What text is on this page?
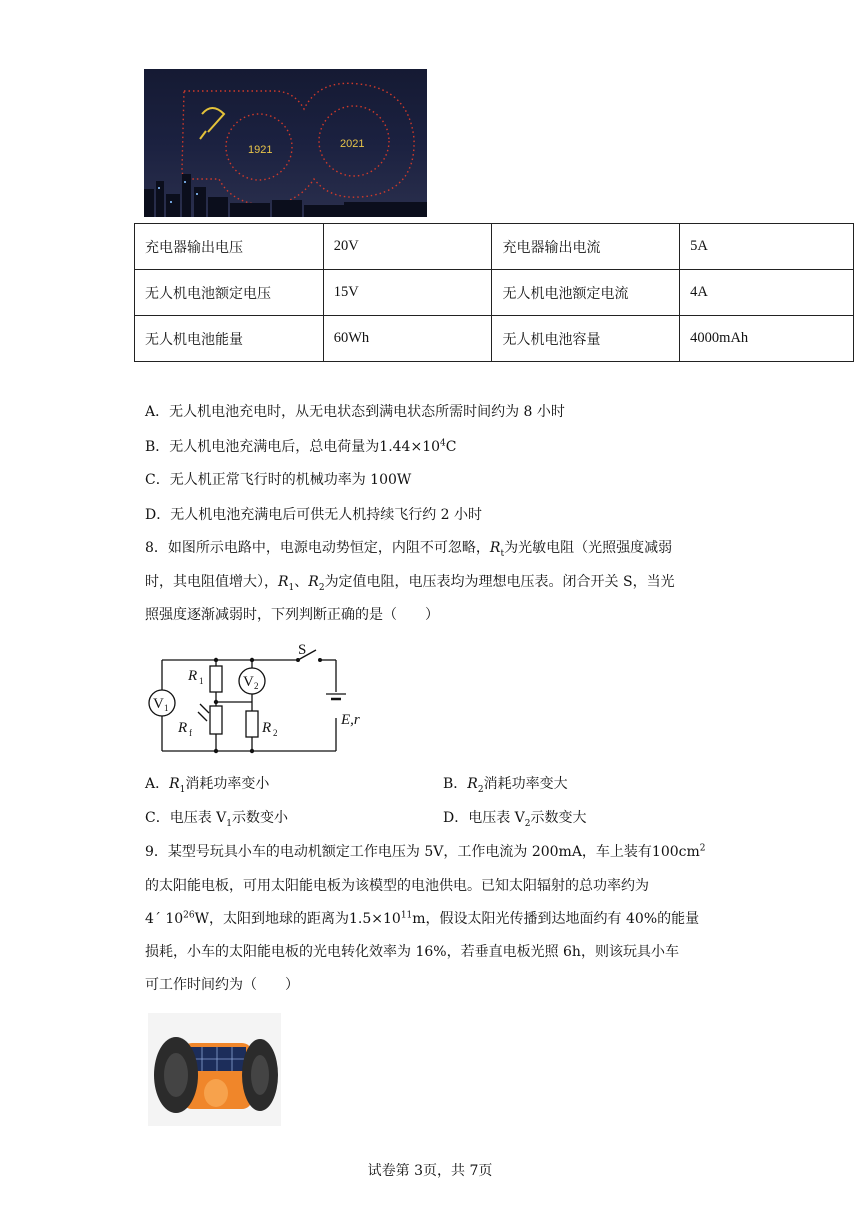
1921	2021
充电器输出电压	20V	充电器输出电流	5A
无人机电池额定电压	15V	无人机电池额定电流	4A
无人机电池能量	60Wh	无人机电池容量	4000mAh
A．无人机电池充电时，从无电状态到满电状态所需时间约为 8 小时
B．无人机电池充满电后，总电荷量为$1.44\times 10^4C$
C．无人机正常飞行时的机械功率为 100W
D．无人机电池充满电后可供无人机持续飞行约 2 小时
8．如图所示电路中，电源电动势恒定，内阻不可忽略，$R_t$为光敏电阻（光照强度减弱
时，其电阻值增大），$R_1$、$R_2$为定值电阻，电压表均为理想电压表。闭合开关 S，当光
照强度逐渐减弱时，下列判断正确的是（　　）
S
R 1	V 2
V 1
R f	R 2
E,r
A．$R_1$消耗功率变小	B．$R_2$消耗功率变大
C．电压表 $V_1$示数变小	D．电压表 $V_2$示数变大
9．某型号玩具小车的电动机额定工作电压为 5V，工作电流为 200mA，车上装有$100cm^2$
的太阳能电板，可用太阳能电板为该模型的电池供电。已知太阳辐射的总功率约为
4´ $10^{26}W$，太阳到地球的距离为$1.5\times 10^{11}m$，假设太阳光传播到达地面约有 40%的能量
损耗，小车的太阳能电板的光电转化效率为 16%，若垂直电板光照 6h，则该玩具小车
可工作时间约为（　　）
试卷第 3页，共 7页
